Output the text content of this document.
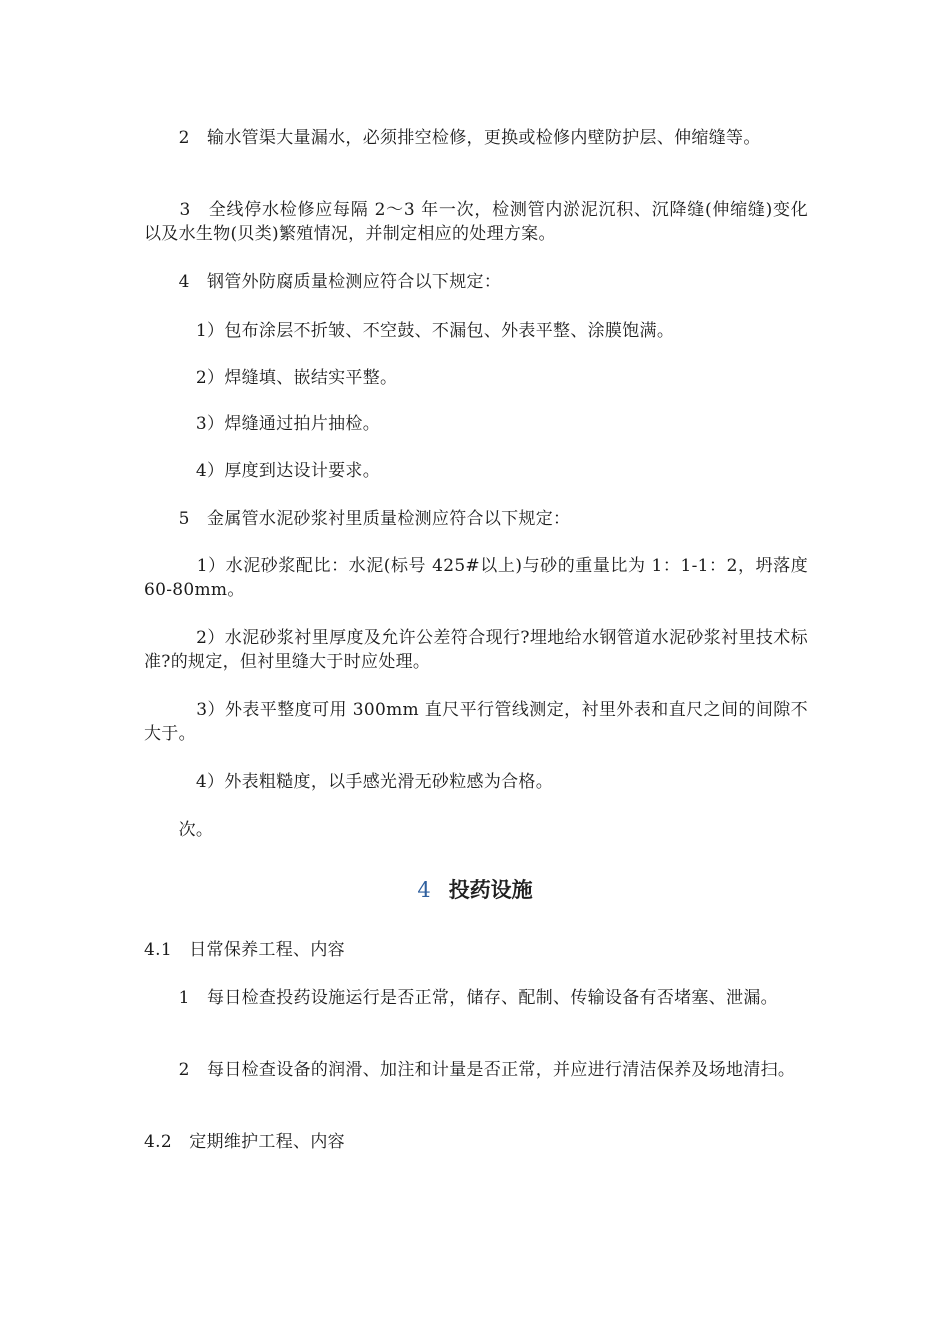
　　2　输水管渠大量漏水，必须排空检修，更换或检修内壁防护层、伸缩缝等。

　　3　全线停水检修应每隔 2～3 年一次，检测管内淤泥沉积、沉降缝(伸缩缝)变化以及水生物(贝类)繁殖情况，并制定相应的处理方案。

　　4　钢管外防腐质量检测应符合以下规定：

　　　1）包布涂层不折皱、不空鼓、不漏包、外表平整、涂膜饱满。

　　　2）焊缝填、嵌结实平整。

　　　3）焊缝通过拍片抽检。

　　　4）厚度到达设计要求。

　　5　金属管水泥砂浆衬里质量检测应符合以下规定：

　　　1）水泥砂浆配比：水泥(标号 425#以上)与砂的重量比为 1：1-1：2，坍落度 60-80mm。

　　　2）水泥砂浆衬里厚度及允许公差符合现行?埋地给水钢管道水泥砂浆衬里技术标准?的规定，但衬里缝大于时应处理。

　　　3）外表平整度可用 300mm 直尺平行管线测定，衬里外表和直尺之间的间隙不大于。

　　　4）外表粗糙度，以手感光滑无砂粒感为合格。

　　次。

4 投药设施

4.1　日常保养工程、内容

　　1　每日检查投药设施运行是否正常，储存、配制、传输设备有否堵塞、泄漏。

　　2　每日检查设备的润滑、加注和计量是否正常，并应进行清洁保养及场地清扫。

4.2　定期维护工程、内容
